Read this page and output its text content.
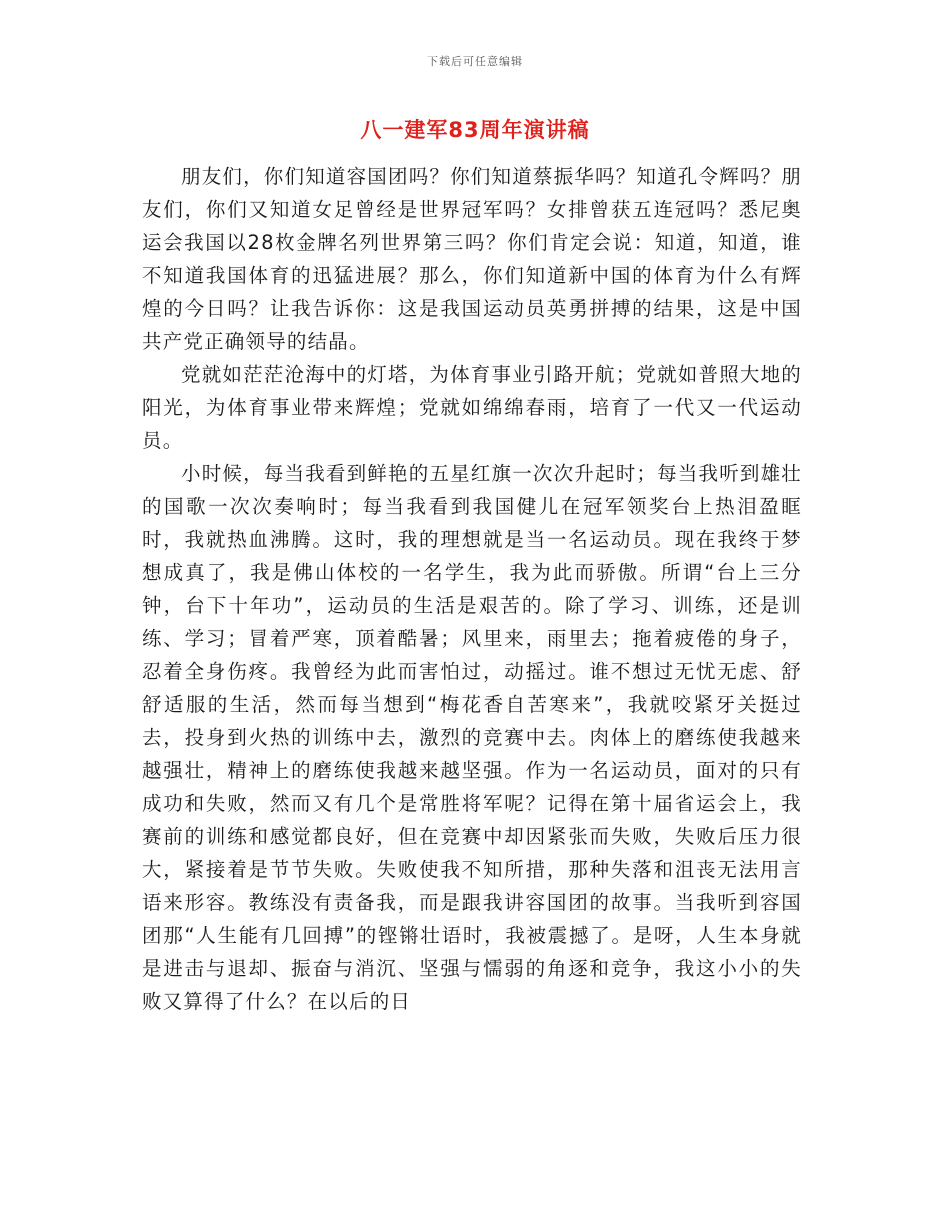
下载后可任意编辑
八一建军83周年演讲稿

朋友们，你们知道容国团吗？你们知道蔡振华吗？知道孔令辉吗？朋友们，你们又知道女足曾经是世界冠军吗？女排曾获五连冠吗？悉尼奥运会我国以28枚金牌名列世界第三吗？你们肯定会说：知道，知道，谁不知道我国体育的迅猛进展？那么，你们知道新中国的体育为什么有辉煌的今日吗？让我告诉你：这是我国运动员英勇拼搏的结果，这是中国共产党正确领导的结晶。

党就如茫茫沧海中的灯塔，为体育事业引路开航；党就如普照大地的阳光，为体育事业带来辉煌；党就如绵绵春雨，培育了一代又一代运动员。

小时候，每当我看到鲜艳的五星红旗一次次升起时；每当我听到雄壮的国歌一次次奏响时；每当我看到我国健儿在冠军领奖台上热泪盈眶时，我就热血沸腾。这时，我的理想就是当一名运动员。现在我终于梦想成真了，我是佛山体校的一名学生，我为此而骄傲。所谓“台上三分钟，台下十年功”，运动员的生活是艰苦的。除了学习、训练，还是训练、学习；冒着严寒，顶着酷暑；风里来，雨里去；拖着疲倦的身子，忍着全身伤疼。我曾经为此而害怕过，动摇过。谁不想过无忧无虑、舒舒适服的生活，然而每当想到“梅花香自苦寒来”，我就咬紧牙关挺过去，投身到火热的训练中去，激烈的竞赛中去。肉体上的磨练使我越来越强壮，精神上的磨练使我越来越坚强。作为一名运动员，面对的只有成功和失败，然而又有几个是常胜将军呢？记得在第十届省运会上，我赛前的训练和感觉都良好，但在竞赛中却因紧张而失败，失败后压力很大，紧接着是节节失败。失败使我不知所措，那种失落和沮丧无法用言语来形容。教练没有责备我，而是跟我讲容国团的故事。当我听到容国团那“人生能有几回搏”的铿锵壮语时，我被震撼了。是呀，人生本身就是进击与退却、振奋与消沉、坚强与懦弱的角逐和竞争，我这小小的失败又算得了什么？在以后的日
